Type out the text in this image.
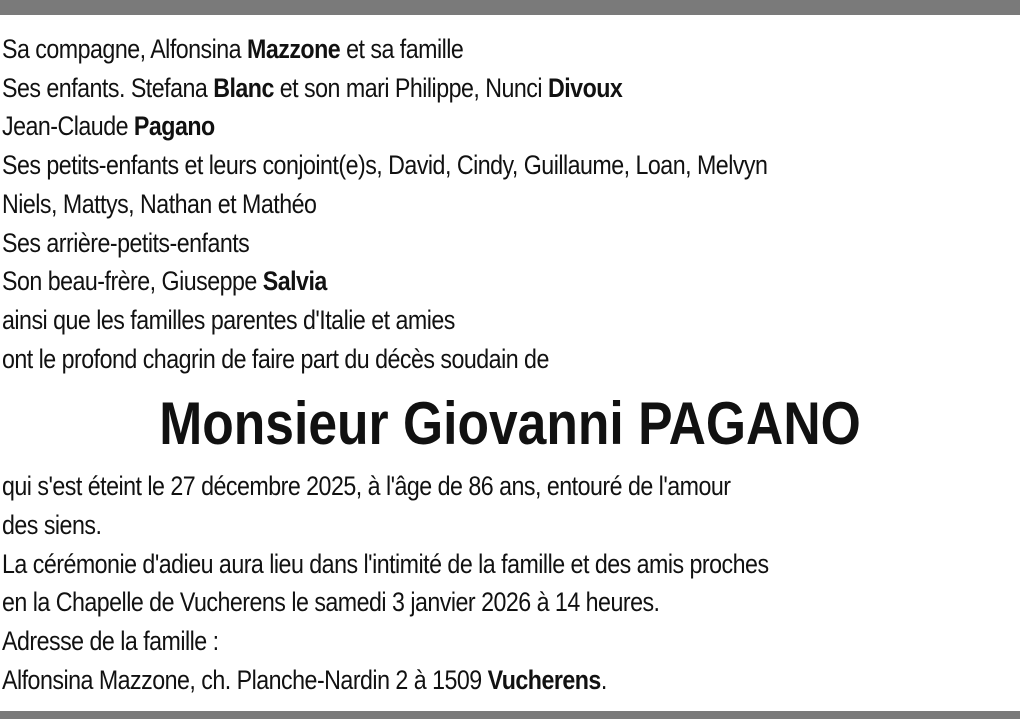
Sa compagne, Alfonsina Mazzone et sa famille
Ses enfants. Stefana Blanc et son mari Philippe, Nunci Divoux
Jean-Claude Pagano
Ses petits-enfants et leurs conjoint(e)s, David, Cindy, Guillaume, Loan, Melvyn
Niels, Mattys, Nathan et Mathéo
Ses arrière-petits-enfants
Son beau-frère, Giuseppe Salvia
ainsi que les familles parentes d'Italie et amies
ont le profond chagrin de faire part du décès soudain de
Monsieur Giovanni PAGANO
qui s'est éteint le 27 décembre 2025, à l'âge de 86 ans, entouré de l'amour
des siens.
La cérémonie d'adieu aura lieu dans l'intimité de la famille et des amis proches
en la Chapelle de Vucherens le samedi 3 janvier 2026 à 14 heures.
Adresse de la famille :
Alfonsina Mazzone, ch. Planche-Nardin 2 à 1509 Vucherens.
